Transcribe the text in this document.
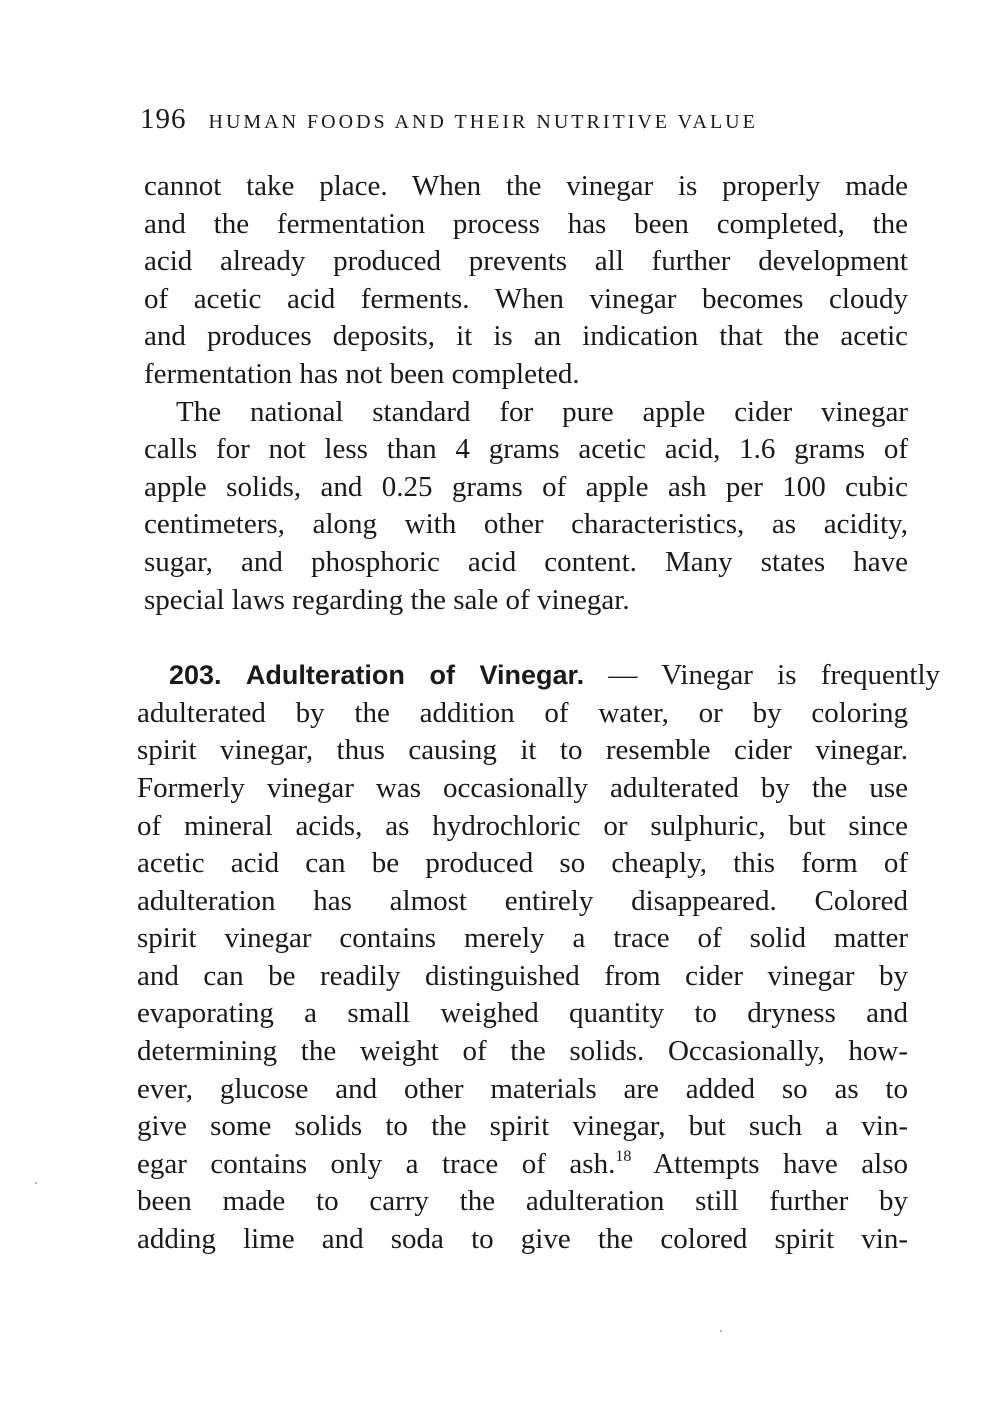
196 HUMAN FOODS AND THEIR NUTRITIVE VALUE
cannot take place. When the vinegar is properly made
and the fermentation process has been completed, the
acid already produced prevents all further development
of acetic acid ferments. When vinegar becomes cloudy
and produces deposits, it is an indication that the acetic
fermentation has not been completed.
The national standard for pure apple cider vinegar
calls for not less than 4 grams acetic acid, 1.6 grams of
apple solids, and 0.25 grams of apple ash per 100 cubic
centimeters, along with other characteristics, as acidity,
sugar, and phosphoric acid content. Many states have
special laws regarding the sale of vinegar.
203. Adulteration of Vinegar. — Vinegar is frequently
adulterated by the addition of water, or by coloring
spirit vinegar, thus causing it to resemble cider vinegar.
Formerly vinegar was occasionally adulterated by the use
of mineral acids, as hydrochloric or sulphuric, but since
acetic acid can be produced so cheaply, this form of
adulteration has almost entirely disappeared. Colored
spirit vinegar contains merely a trace of solid matter
and can be readily distinguished from cider vinegar by
evaporating a small weighed quantity to dryness and
determining the weight of the solids. Occasionally, how-
ever, glucose and other materials are added so as to
give some solids to the spirit vinegar, but such a vin-
egar contains only a trace of ash.$^{18}$ Attempts have also
been made to carry the adulteration still further by
adding lime and soda to give the colored spirit vin-
